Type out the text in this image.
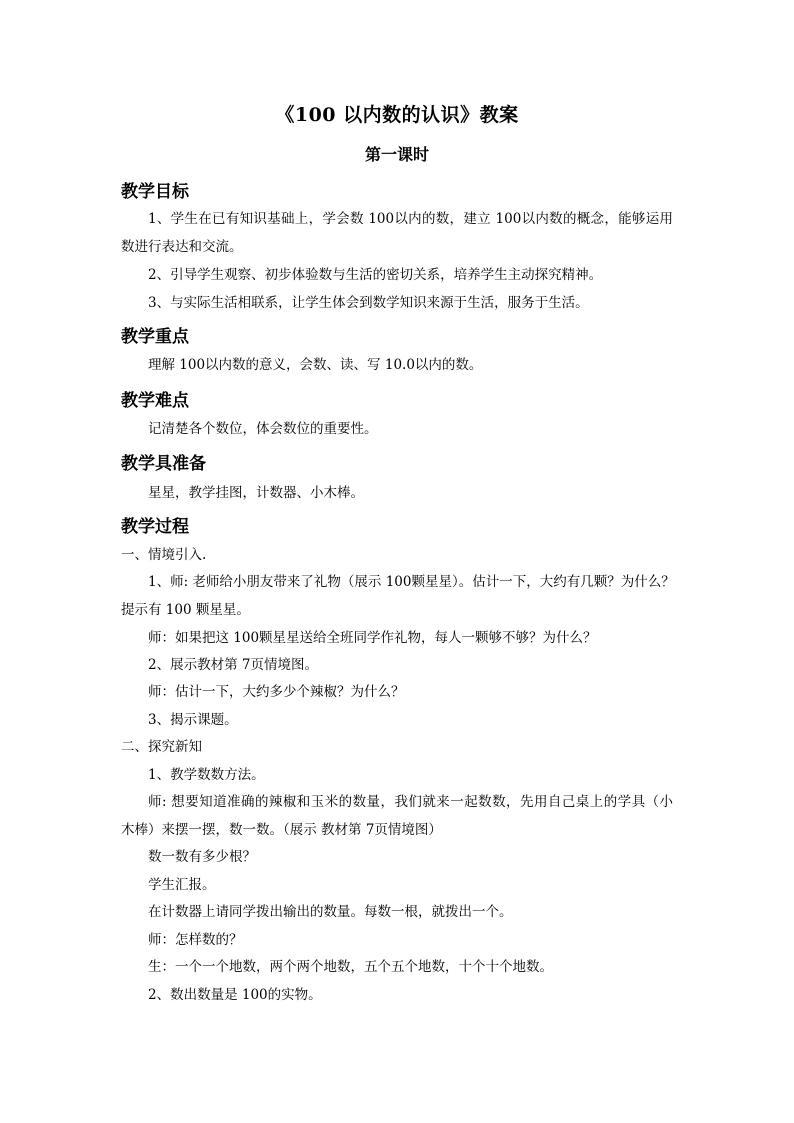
《100 以内数的认识》教案
第一课时
教学目标
1、学生在已有知识基础上，学会数 100以内的数，建立 100以内数的概念，能够运用
数进行表达和交流。
2、引导学生观察、初步体验数与生活的密切关系，培养学生主动探究精神。
3、与实际生活相联系，让学生体会到数学知识来源于生活，服务于生活。
教学重点
理解 100以内数的意义，会数、读、写 10.0以内的数。
教学难点
记清楚各个数位，体会数位的重要性。
教学具准备
星星，教学挂图，计数器、小木棒。
教学过程
一、情境引入.
1、师: 老师给小朋友带来了礼物（展示 100颗星星）。估计一下，大约有几颗？为什么？
提示有 100 颗星星。
师：如果把这 100颗星星送给全班同学作礼物，每人一颗够不够？为什么？
2、展示教材第 7页情境图。
师：估计一下，大约多少个辣椒？为什么？
3、揭示课题。
二、探究新知
1、教学数数方法。
师: 想要知道准确的辣椒和玉米的数量，我们就来一起数数，先用自己桌上的学具（小
木棒）来摆一摆，数一数。（展示 教材第 7页情境图）
数一数有多少根？
学生汇报。
在计数器上请同学拨出输出的数量。每数一根，就拨出一个。
师：怎样数的？
生：一个一个地数，两个两个地数，五个五个地数，十个十个地数。
2、数出数量是 100的实物。
